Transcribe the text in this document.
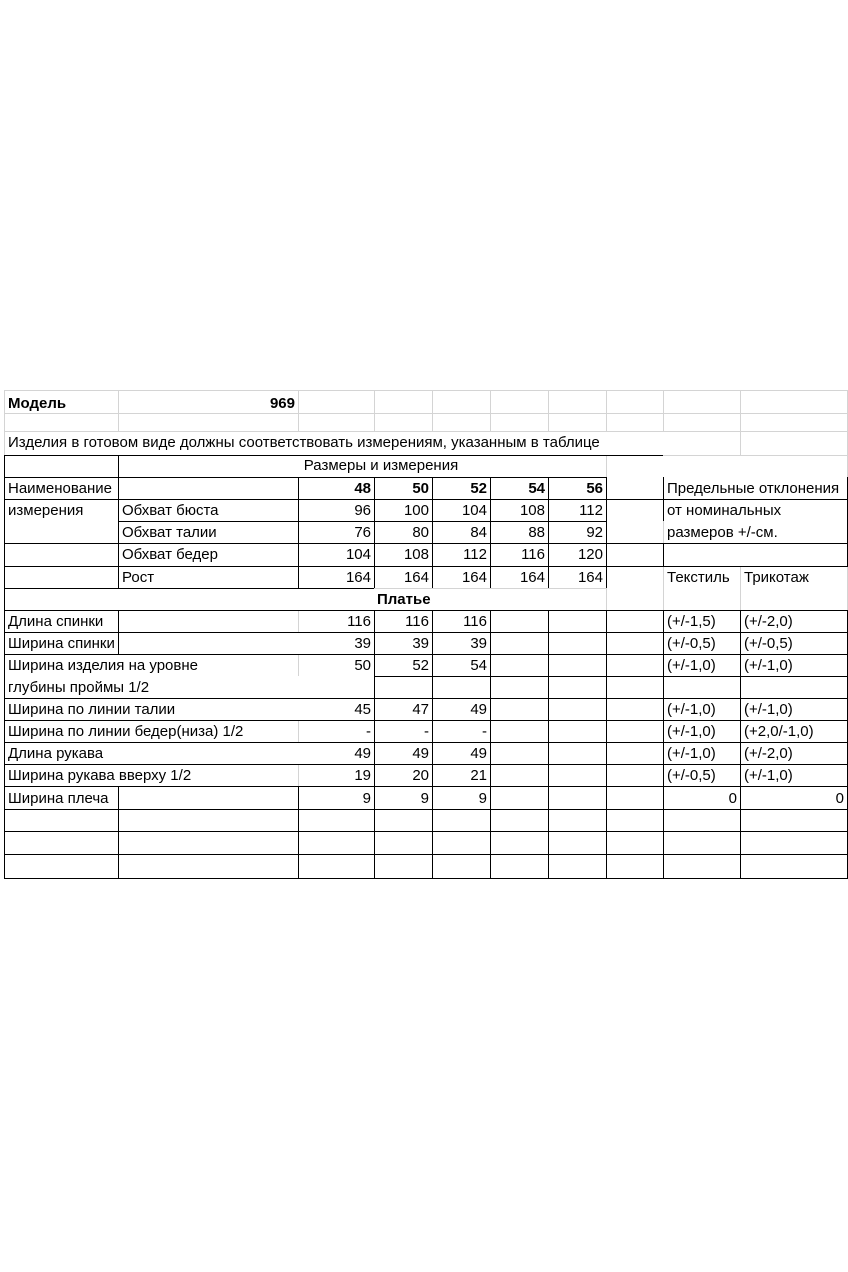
Модель	969
Изделия в готовом виде должны соответствовать измерениям, указанным в таблице
Размеры и измерения
Наименование
измерения
48	50	52	54	56	Предельные отклонения
от номинальных
размеров +/-см.
Текстиль Трикотаж
Обхват бюста	96	100	104	108	112
Обхват талии	76	80	84	88	92
Обхват бедер	104	108	112	116	120
Рост	164	164	164	164	164
Платье
Длина спинки	116	116	116	(+/-1,5) (+/-2,0)
Ширина спинки	39	39	39	(+/-0,5) (+/-0,5)
Ширина изделия на уровне	50	52	54	(+/-1,0) (+/-1,0)
глубины проймы 1/2
Ширина по линии талии	45	47	49	(+/-1,0) (+/-1,0)
Ширина по линии бедер(низа) 1/2	-	-	-	(+/-1,0) (+2,0/-1,0)
Длина рукава	49	49	49	(+/-1,0) (+/-2,0)
Ширина рукава вверху 1/2	19	20	21	(+/-0,5) (+/-1,0)
Ширина плеча	9	9	9	0	0
